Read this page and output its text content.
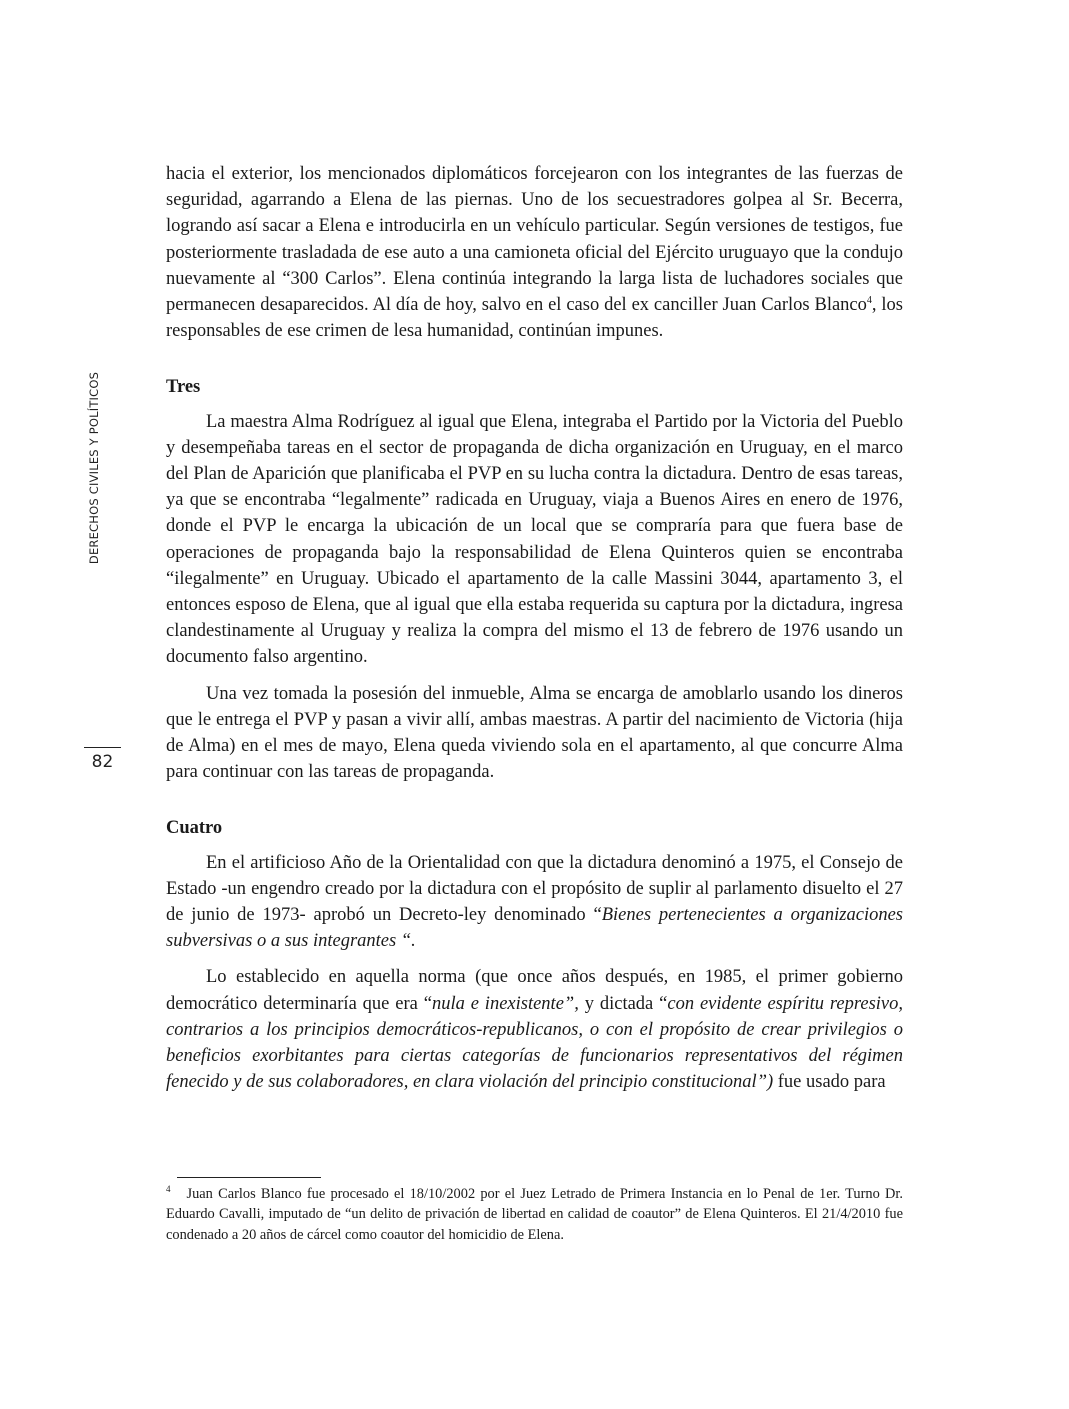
DERECHOS CIVILES Y POLÍTICOS
82

hacia el exterior, los mencionados diplomáticos forcejearon con los integrantes de las fuerzas de seguridad, agarrando a Elena de las piernas. Uno de los secuestradores golpea al Sr. Becerra, logrando así sacar a Elena e introducirla en un vehículo particular. Según versiones de testigos, fue posteriormente trasladada de ese auto a una camioneta oficial del Ejército uruguayo que la condujo nuevamente al “300 Carlos”. Elena continúa integrando la larga lista de luchadores sociales que permanecen desaparecidos. Al día de hoy, salvo en el caso del ex canciller Juan Carlos Blanco$^4$, los responsables de ese crimen de lesa humanidad, continúan impunes.

Tres

La maestra Alma Rodríguez al igual que Elena, integraba el Partido por la Victoria del Pueblo y desempeñaba tareas en el sector de propaganda de dicha organización en Uruguay, en el marco del Plan de Aparición que planificaba el PVP en su lucha contra la dictadura. Dentro de esas tareas, ya que se encontraba “legalmente” radicada en Uruguay, viaja a Buenos Aires en enero de 1976, donde el PVP le encarga la ubicación de un local que se compraría para que fuera base de operaciones de propaganda bajo la responsabilidad de Elena Quinteros quien se encontraba “ilegalmente” en Uruguay. Ubicado el apartamento de la calle Massini 3044, apartamento 3, el entonces esposo de Elena, que al igual que ella estaba requerida su captura por la dictadura, ingresa clandestinamente al Uruguay y realiza la compra del mismo el 13 de febrero de 1976 usando un documento falso argentino.

Una vez tomada la posesión del inmueble, Alma se encarga de amoblarlo usando los dineros que le entrega el PVP y pasan a vivir allí, ambas maestras. A partir del nacimiento de Victoria (hija de Alma) en el mes de mayo, Elena queda viviendo sola en el apartamento, al que concurre Alma para continuar con las tareas de propaganda.

Cuatro

En el artificioso Año de la Orientalidad con que la dictadura denominó a 1975, el Consejo de Estado -un engendro creado por la dictadura con el propósito de suplir al parlamento disuelto el 27 de junio de 1973- aprobó un Decreto-ley denominado “Bienes pertenecientes a organizaciones subversivas o a sus integrantes “.

Lo establecido en aquella norma (que once años después, en 1985, el primer gobierno democrático determinaría que era “nula e inexistente”, y dictada “con evidente espíritu represivo, contrarios a los principios democráticos-republicanos, o con el propósito de crear privilegios o beneficios exorbitantes para ciertas categorías de funcionarios representativos del régimen fenecido y de sus colaboradores, en clara violación del principio constitucional”) fue usado para

$^4$ Juan Carlos Blanco fue procesado el 18/10/2002 por el Juez Letrado de Primera Instancia en lo Penal de 1er. Turno Dr. Eduardo Cavalli, imputado de “un delito de privación de libertad en calidad de coautor” de Elena Quinteros. El 21/4/2010 fue condenado a 20 años de cárcel como coautor del homicidio de Elena.
